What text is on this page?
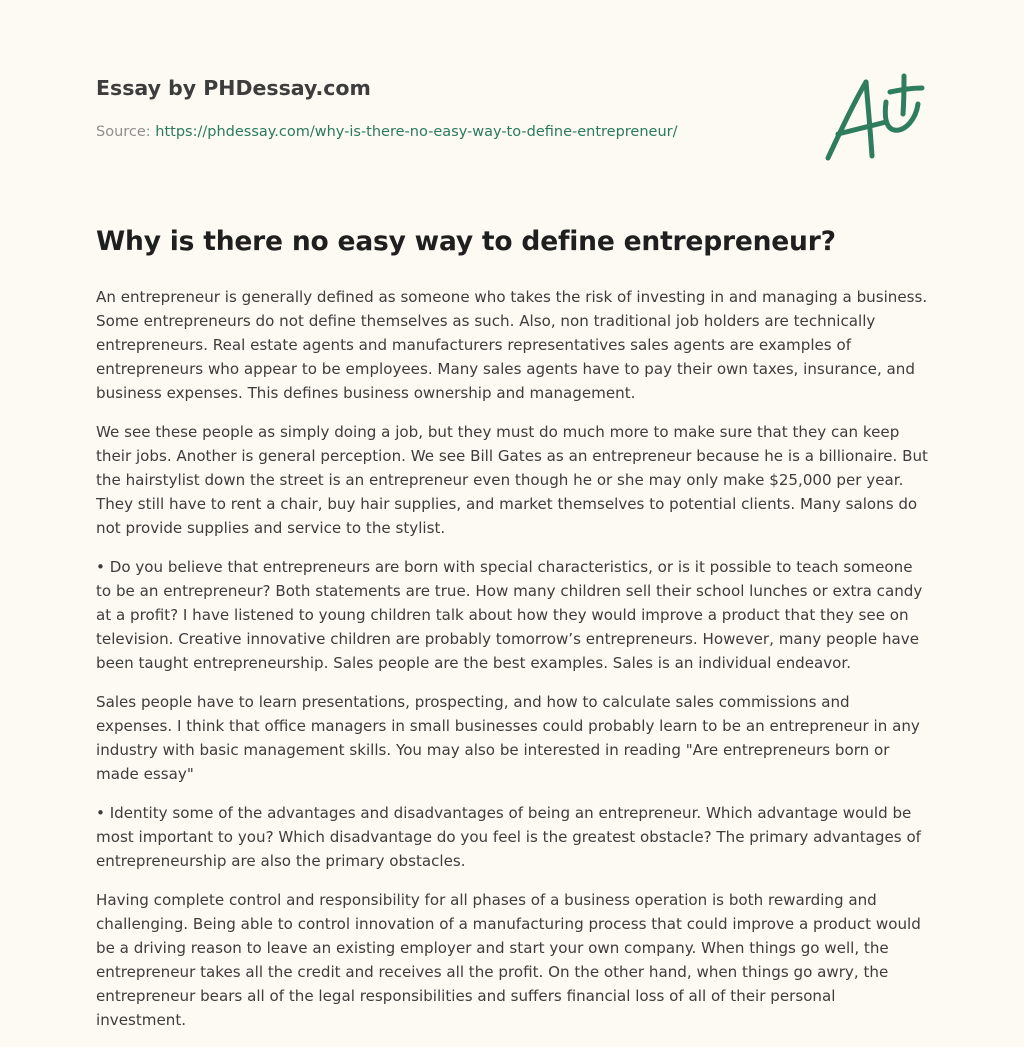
Essay by PHDessay.com
Source: https://phdessay.com/why-is-there-no-easy-way-to-define-entrepreneur/
Why is there no easy way to define entrepreneur?

An entrepreneur is generally defined as someone who takes the risk of investing in and managing a business. Some entrepreneurs do not define themselves as such. Also, non traditional job holders are technically entrepreneurs. Real estate agents and manufacturers representatives sales agents are examples of entrepreneurs who appear to be employees. Many sales agents have to pay their own taxes, insurance, and business expenses. This defines business ownership and management.

We see these people as simply doing a job, but they must do much more to make sure that they can keep their jobs. Another is general perception. We see Bill Gates as an entrepreneur because he is a billionaire. But the hairstylist down the street is an entrepreneur even though he or she may only make $25,000 per year. They still have to rent a chair, buy hair supplies, and market themselves to potential clients. Many salons do not provide supplies and service to the stylist.

• Do you believe that entrepreneurs are born with special characteristics, or is it possible to teach someone to be an entrepreneur? Both statements are true. How many children sell their school lunches or extra candy at a profit? I have listened to young children talk about how they would improve a product that they see on television. Creative innovative children are probably tomorrow’s entrepreneurs. However, many people have been taught entrepreneurship. Sales people are the best examples. Sales is an individual endeavor.

Sales people have to learn presentations, prospecting, and how to calculate sales commissions and expenses. I think that office managers in small businesses could probably learn to be an entrepreneur in any industry with basic management skills. You may also be interested in reading "Are entrepreneurs born or made essay"

• Identity some of the advantages and disadvantages of being an entrepreneur. Which advantage would be most important to you? Which disadvantage do you feel is the greatest obstacle? The primary advantages of entrepreneurship are also the primary obstacles.

Having complete control and responsibility for all phases of a business operation is both rewarding and challenging. Being able to control innovation of a manufacturing process that could improve a product would be a driving reason to leave an existing employer and start your own company. When things go well, the entrepreneur takes all the credit and receives all the profit. On the other hand, when things go awry, the entrepreneur bears all of the legal responsibilities and suffers financial loss of all of their personal investment.
